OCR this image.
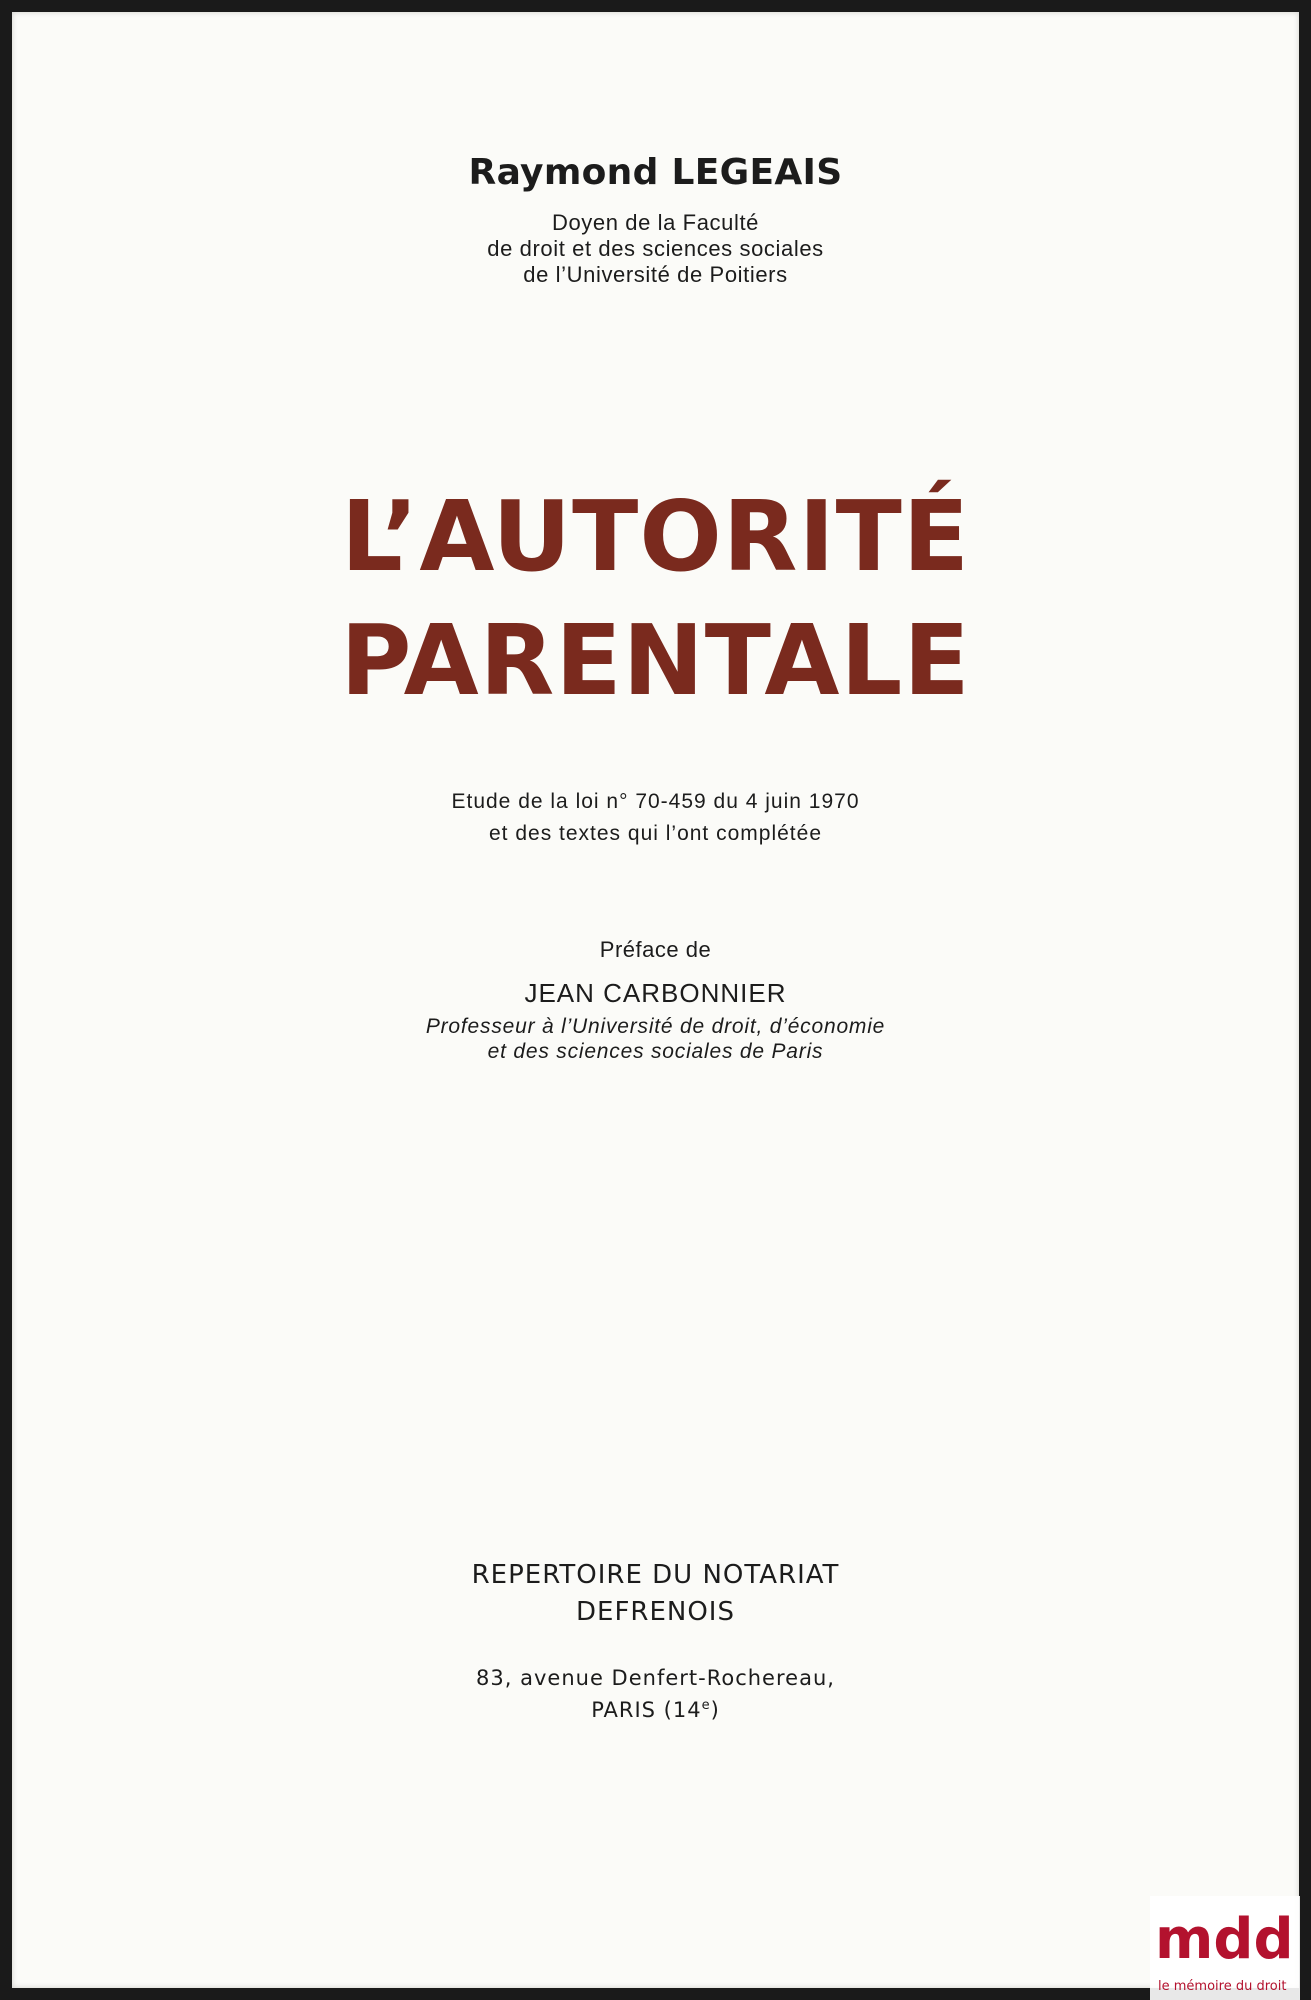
Raymond LEGEAIS
Doyen de la Faculté
de droit et des sciences sociales
de l’Université de Poitiers
L’AUTORITÉ
PARENTALE
Etude de la loi n° 70-459 du 4 juin 1970
et des textes qui l’ont complétée
Préface de
JEAN CARBONNIER
Professeur à l’Université de droit, d’économie
et des sciences sociales de Paris
REPERTOIRE DU NOTARIAT
DEFRENOIS
83, avenue Denfert-Rochereau,
PARIS (14e)
mdd
le mémoire du droit
